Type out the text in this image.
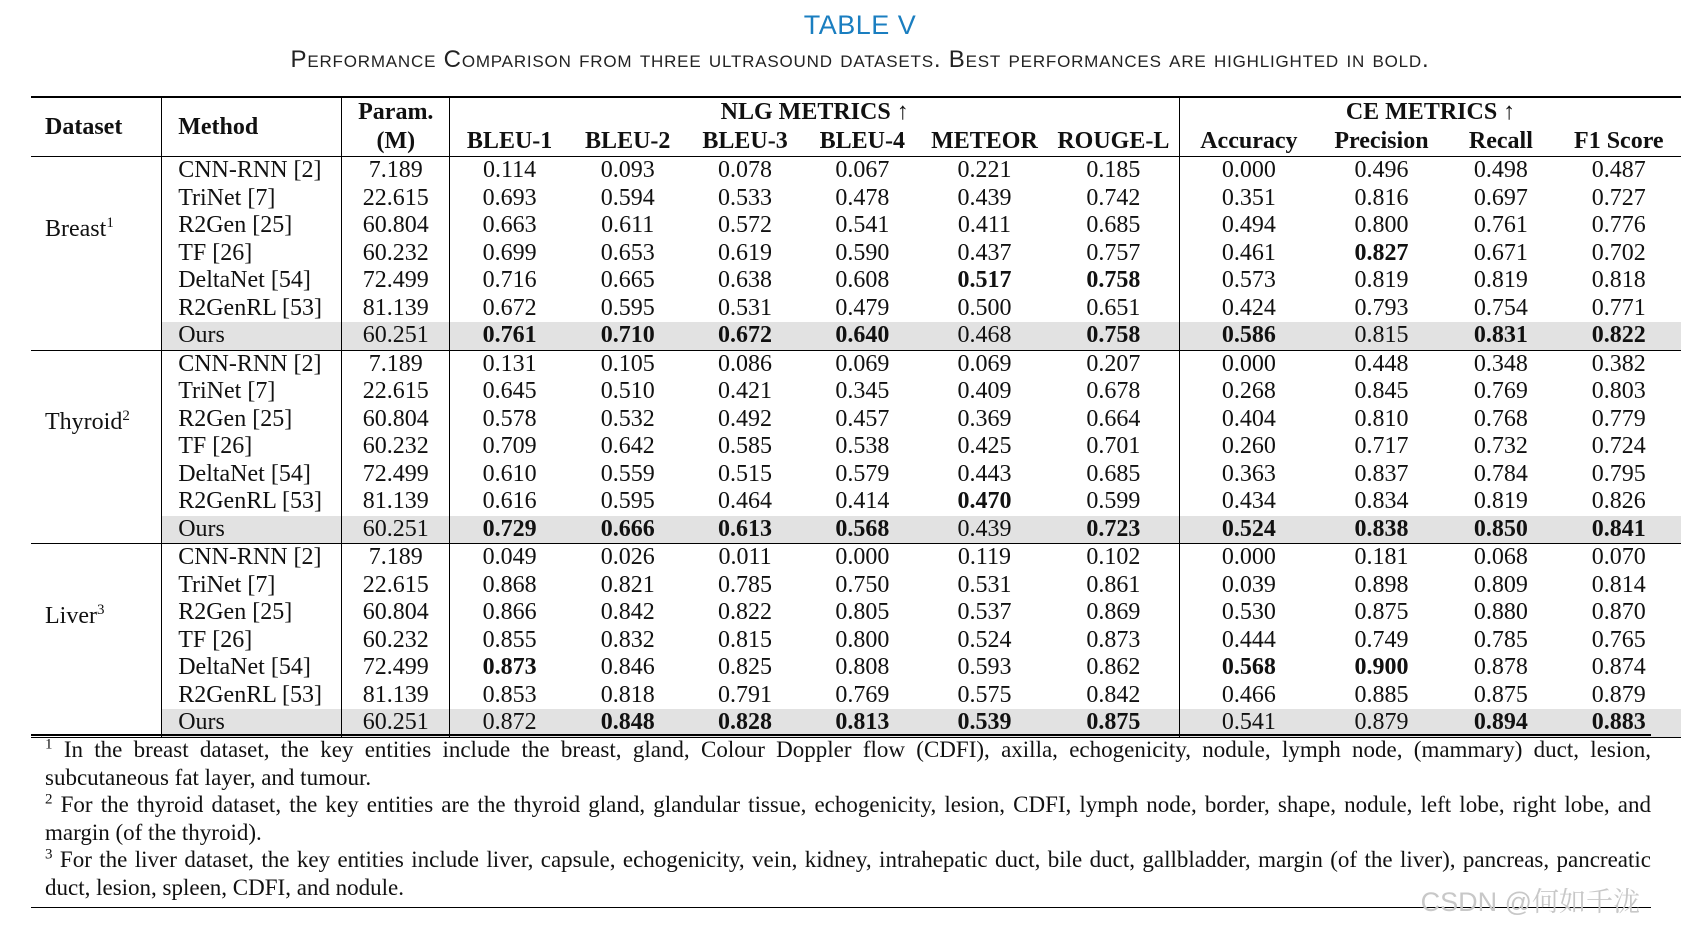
TABLE V
Performance Comparison from three ultrasound datasets. Best performances are highlighted in bold.
Dataset	Method	Param.	NLG METRICS ↑						CE METRICS ↑			
		(M)	BLEU-1	BLEU-2	BLEU-3	BLEU-4	METEOR	ROUGE-L	Accuracy	Precision	Recall	F1 Score
Breast$^1$	CNN-RNN [2]	7.189	0.114	0.093	0.078	0.067	0.221	0.185	0.000	0.496	0.498	0.487
	TriNet [7]	22.615	0.693	0.594	0.533	0.478	0.439	0.742	0.351	0.816	0.697	0.727
	R2Gen [25]	60.804	0.663	0.611	0.572	0.541	0.411	0.685	0.494	0.800	0.761	0.776
	TF [26]	60.232	0.699	0.653	0.619	0.590	0.437	0.757	0.461	0.827	0.671	0.702
	DeltaNet [54]	72.499	0.716	0.665	0.638	0.608	0.517	0.758	0.573	0.819	0.819	0.818
	R2GenRL [53]	81.139	0.672	0.595	0.531	0.479	0.500	0.651	0.424	0.793	0.754	0.771
	Ours	60.251	0.761	0.710	0.672	0.640	0.468	0.758	0.586	0.815	0.831	0.822
Thyroid$^2$	CNN-RNN [2]	7.189	0.131	0.105	0.086	0.069	0.069	0.207	0.000	0.448	0.348	0.382
	TriNet [7]	22.615	0.645	0.510	0.421	0.345	0.409	0.678	0.268	0.845	0.769	0.803
	R2Gen [25]	60.804	0.578	0.532	0.492	0.457	0.369	0.664	0.404	0.810	0.768	0.779
	TF [26]	60.232	0.709	0.642	0.585	0.538	0.425	0.701	0.260	0.717	0.732	0.724
	DeltaNet [54]	72.499	0.610	0.559	0.515	0.579	0.443	0.685	0.363	0.837	0.784	0.795
	R2GenRL [53]	81.139	0.616	0.595	0.464	0.414	0.470	0.599	0.434	0.834	0.819	0.826
	Ours	60.251	0.729	0.666	0.613	0.568	0.439	0.723	0.524	0.838	0.850	0.841
Liver$^3$	CNN-RNN [2]	7.189	0.049	0.026	0.011	0.000	0.119	0.102	0.000	0.181	0.068	0.070
	TriNet [7]	22.615	0.868	0.821	0.785	0.750	0.531	0.861	0.039	0.898	0.809	0.814
	R2Gen [25]	60.804	0.866	0.842	0.822	0.805	0.537	0.869	0.530	0.875	0.880	0.870
	TF [26]	60.232	0.855	0.832	0.815	0.800	0.524	0.873	0.444	0.749	0.785	0.765
	DeltaNet [54]	72.499	0.873	0.846	0.825	0.808	0.593	0.862	0.568	0.900	0.878	0.874
	R2GenRL [53]	81.139	0.853	0.818	0.791	0.769	0.575	0.842	0.466	0.885	0.875	0.879
	Ours	60.251	0.872	0.848	0.828	0.813	0.539	0.875	0.541	0.879	0.894	0.883
$^1$ In the breast dataset, the key entities include the breast, gland, Colour Doppler flow (CDFI), axilla, echogenicity, nodule, lymph node, (mammary) duct, lesion, subcutaneous fat layer, and tumour.
$^2$ For the thyroid dataset, the key entities are the thyroid gland, glandular tissue, echogenicity, lesion, CDFI, lymph node, border, shape, nodule, left lobe, right lobe, and margin (of the thyroid).
$^3$ For the liver dataset, the key entities include liver, capsule, echogenicity, vein, kidney, intrahepatic duct, bile duct, gallbladder, margin (of the liver), pancreas, pancreatic duct, lesion, spleen, CDFI, and nodule.	CSDN @何如千泷
